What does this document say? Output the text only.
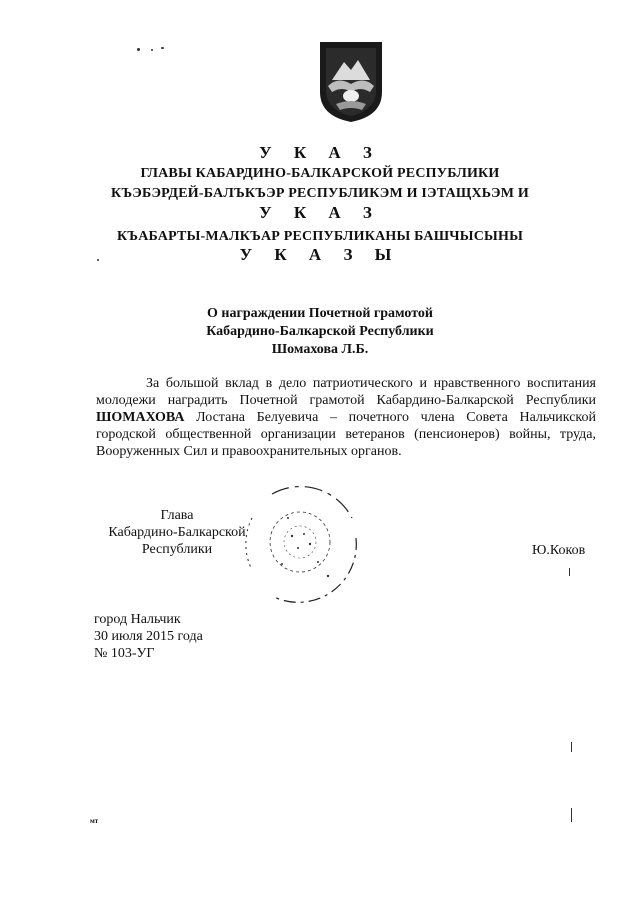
У К А З
ГЛАВЫ КАБАРДИНО-БАЛКАРСКОЙ РЕСПУБЛИКИ
КЪЭБЭРДЕЙ-БАЛЪКЪЭР РЕСПУБЛИКЭМ И IЭТАЩХЬЭМ И
У К А З
КЪАБАРТЫ-МАЛКЪАР РЕСПУБЛИКАНЫ БАШЧЫСЫНЫ
У К А З Ы
О награждении Почетной грамотой
Кабардино-Балкарской Республики
Шомахова Л.Б.

За большой вклад в дело патриотического и нравственного воспитания молодежи наградить Почетной грамотой Кабардино-Балкарской Республики ШОМАХОВА Лостана Белуевича – почетного члена Совета Нальчикской городской общественной организации ветеранов (пенсионеров) войны, труда, Вооруженных Сил и правоохранительных органов.

Глава
Кабардино-Балкарской
Республики	Ю.Коков
город Нальчик
30 июля 2015 года
№ 103-УГ
мт
